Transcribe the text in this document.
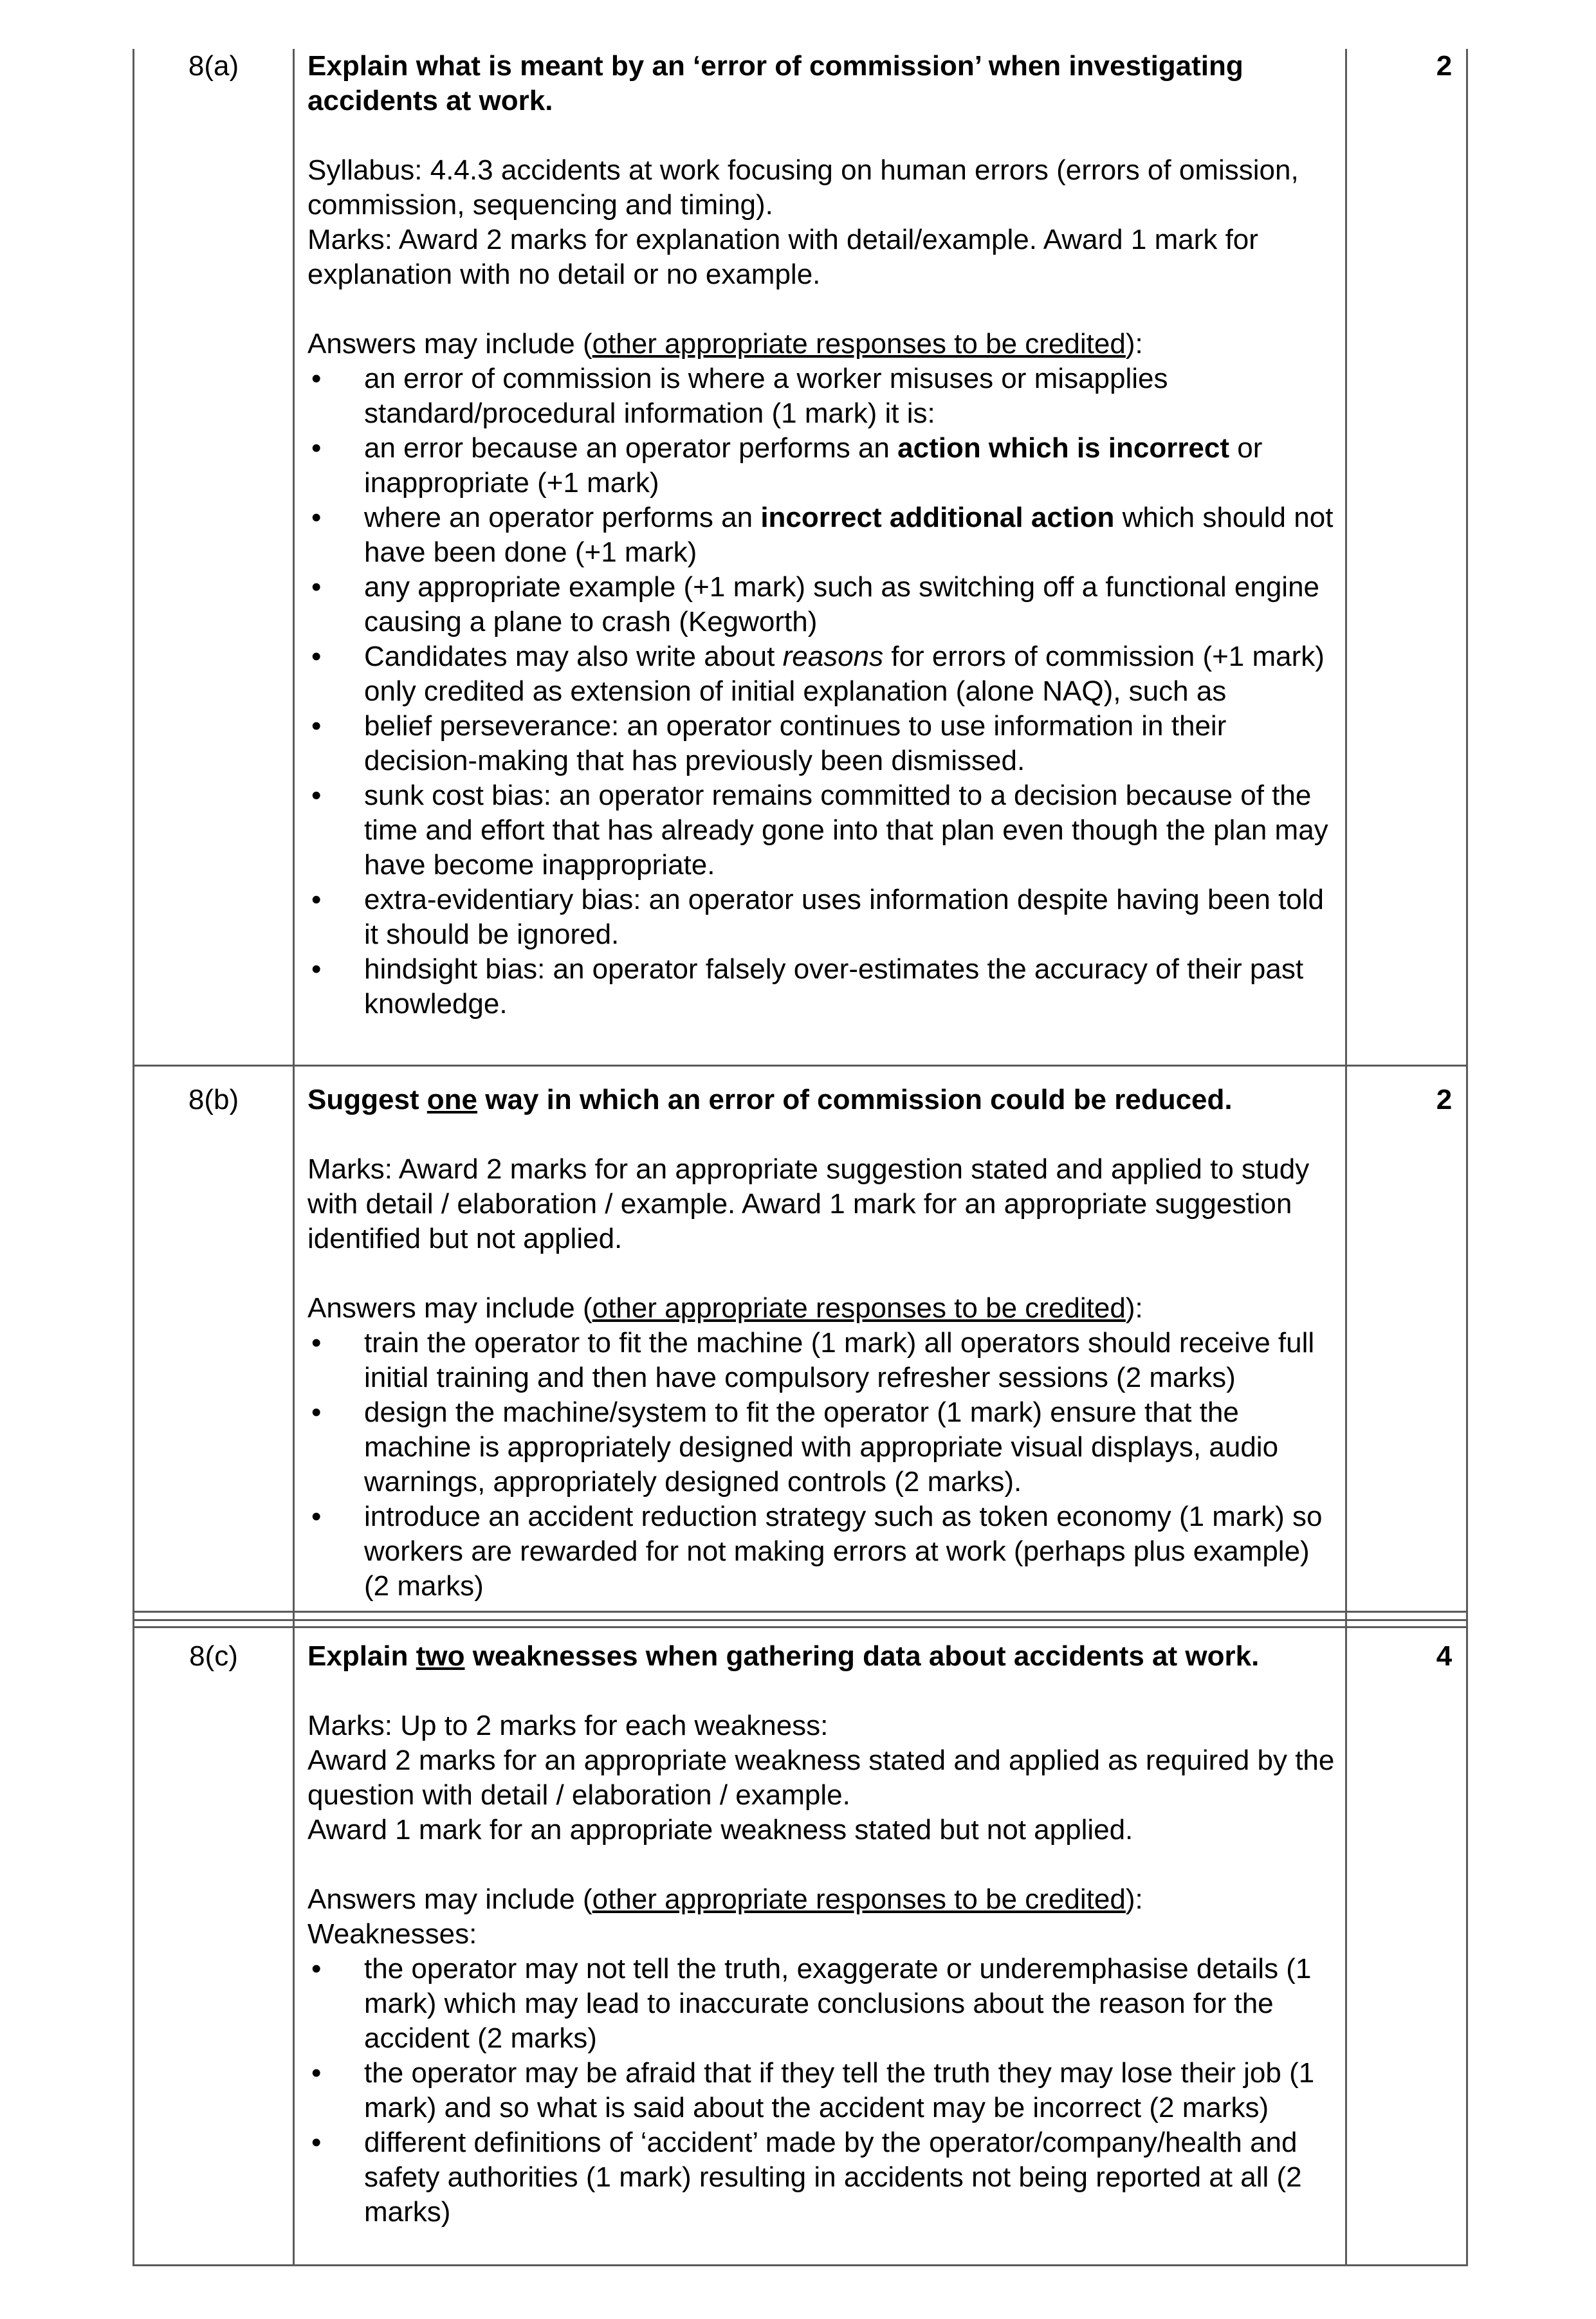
8(a)	2

Explain what is meant by an ‘error of commission’ when investigating accidents at work.

Syllabus: 4.4.3 accidents at work focusing on human errors (errors of omission, commission, sequencing and timing).

Marks: Award 2 marks for explanation with detail/example. Award 1 mark for explanation with no detail or no example.

Answers may include (other appropriate responses to be credited):

• an error of commission is where a worker misuses or misapplies standard/procedural information (1 mark) it is:
• an error because an operator performs an action which is incorrect or inappropriate (+1 mark)
• where an operator performs an incorrect additional action which should not have been done (+1 mark)
• any appropriate example (+1 mark) such as switching off a functional engine causing a plane to crash (Kegworth)
• Candidates may also write about reasons for errors of commission (+1 mark) only credited as extension of initial explanation (alone NAQ), such as
• belief perseverance: an operator continues to use information in their decision-making that has previously been dismissed.
• sunk cost bias: an operator remains committed to a decision because of the time and effort that has already gone into that plan even though the plan may have become inappropriate.
• extra-evidentiary bias: an operator uses information despite having been told it should be ignored.
• hindsight bias: an operator falsely over-estimates the accuracy of their past knowledge.
8(b)	2

Suggest one way in which an error of commission could be reduced.

Marks: Award 2 marks for an appropriate suggestion stated and applied to study with detail / elaboration / example. Award 1 mark for an appropriate suggestion identified but not applied.

Answers may include (other appropriate responses to be credited):

• train the operator to fit the machine (1 mark) all operators should receive full initial training and then have compulsory refresher sessions (2 marks)
• design the machine/system to fit the operator (1 mark) ensure that the machine is appropriately designed with appropriate visual displays, audio warnings, appropriately designed controls (2 marks).
• introduce an accident reduction strategy such as token economy (1 mark) so workers are rewarded for not making errors at work (perhaps plus example) (2 marks)
8(c)	4

Explain two weaknesses when gathering data about accidents at work.

Marks: Up to 2 marks for each weakness:

Award 2 marks for an appropriate weakness stated and applied as required by the question with detail / elaboration / example.

Award 1 mark for an appropriate weakness stated but not applied.

Answers may include (other appropriate responses to be credited):

Weaknesses:

• the operator may not tell the truth, exaggerate or underemphasise details (1 mark) which may lead to inaccurate conclusions about the reason for the accident (2 marks)
• the operator may be afraid that if they tell the truth they may lose their job (1 mark) and so what is said about the accident may be incorrect (2 marks)
• different definitions of ‘accident’ made by the operator/company/health and safety authorities (1 mark) resulting in accidents not being reported at all (2 marks)
